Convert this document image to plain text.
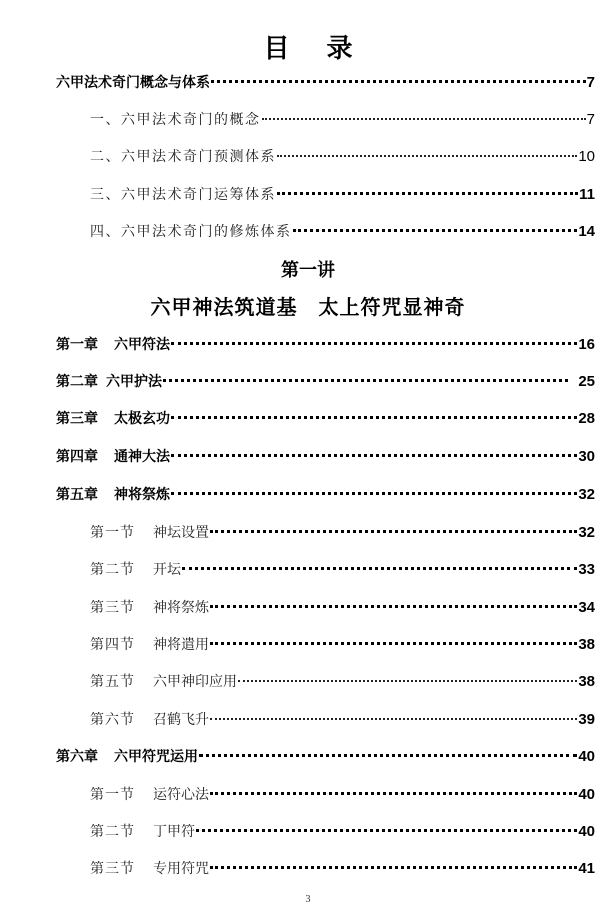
目 录
六甲法术奇门概念与体系	7
一、六甲法术奇门的概念	7
二、六甲法术奇门预测体系	10
三、六甲法术奇门运筹体系	11
四、六甲法术奇门的修炼体系	14
第一讲
六甲神法筑道基　太上符咒显神奇
第一章 六甲符法	16
第二章 六甲护法	25
第三章 太极玄功	28
第四章 通神大法	30
第五章 神将祭炼	32
第一节 神坛设置	32
第二节 开坛	33
第三节 神将祭炼	34
第四节 神将遣用	38
第五节 六甲神印应用	38
第六节 召鹤飞升	39
第六章 六甲符咒运用	40
第一节 运符心法	40
第二节 丁甲符	40
第三节 专用符咒	41
3
